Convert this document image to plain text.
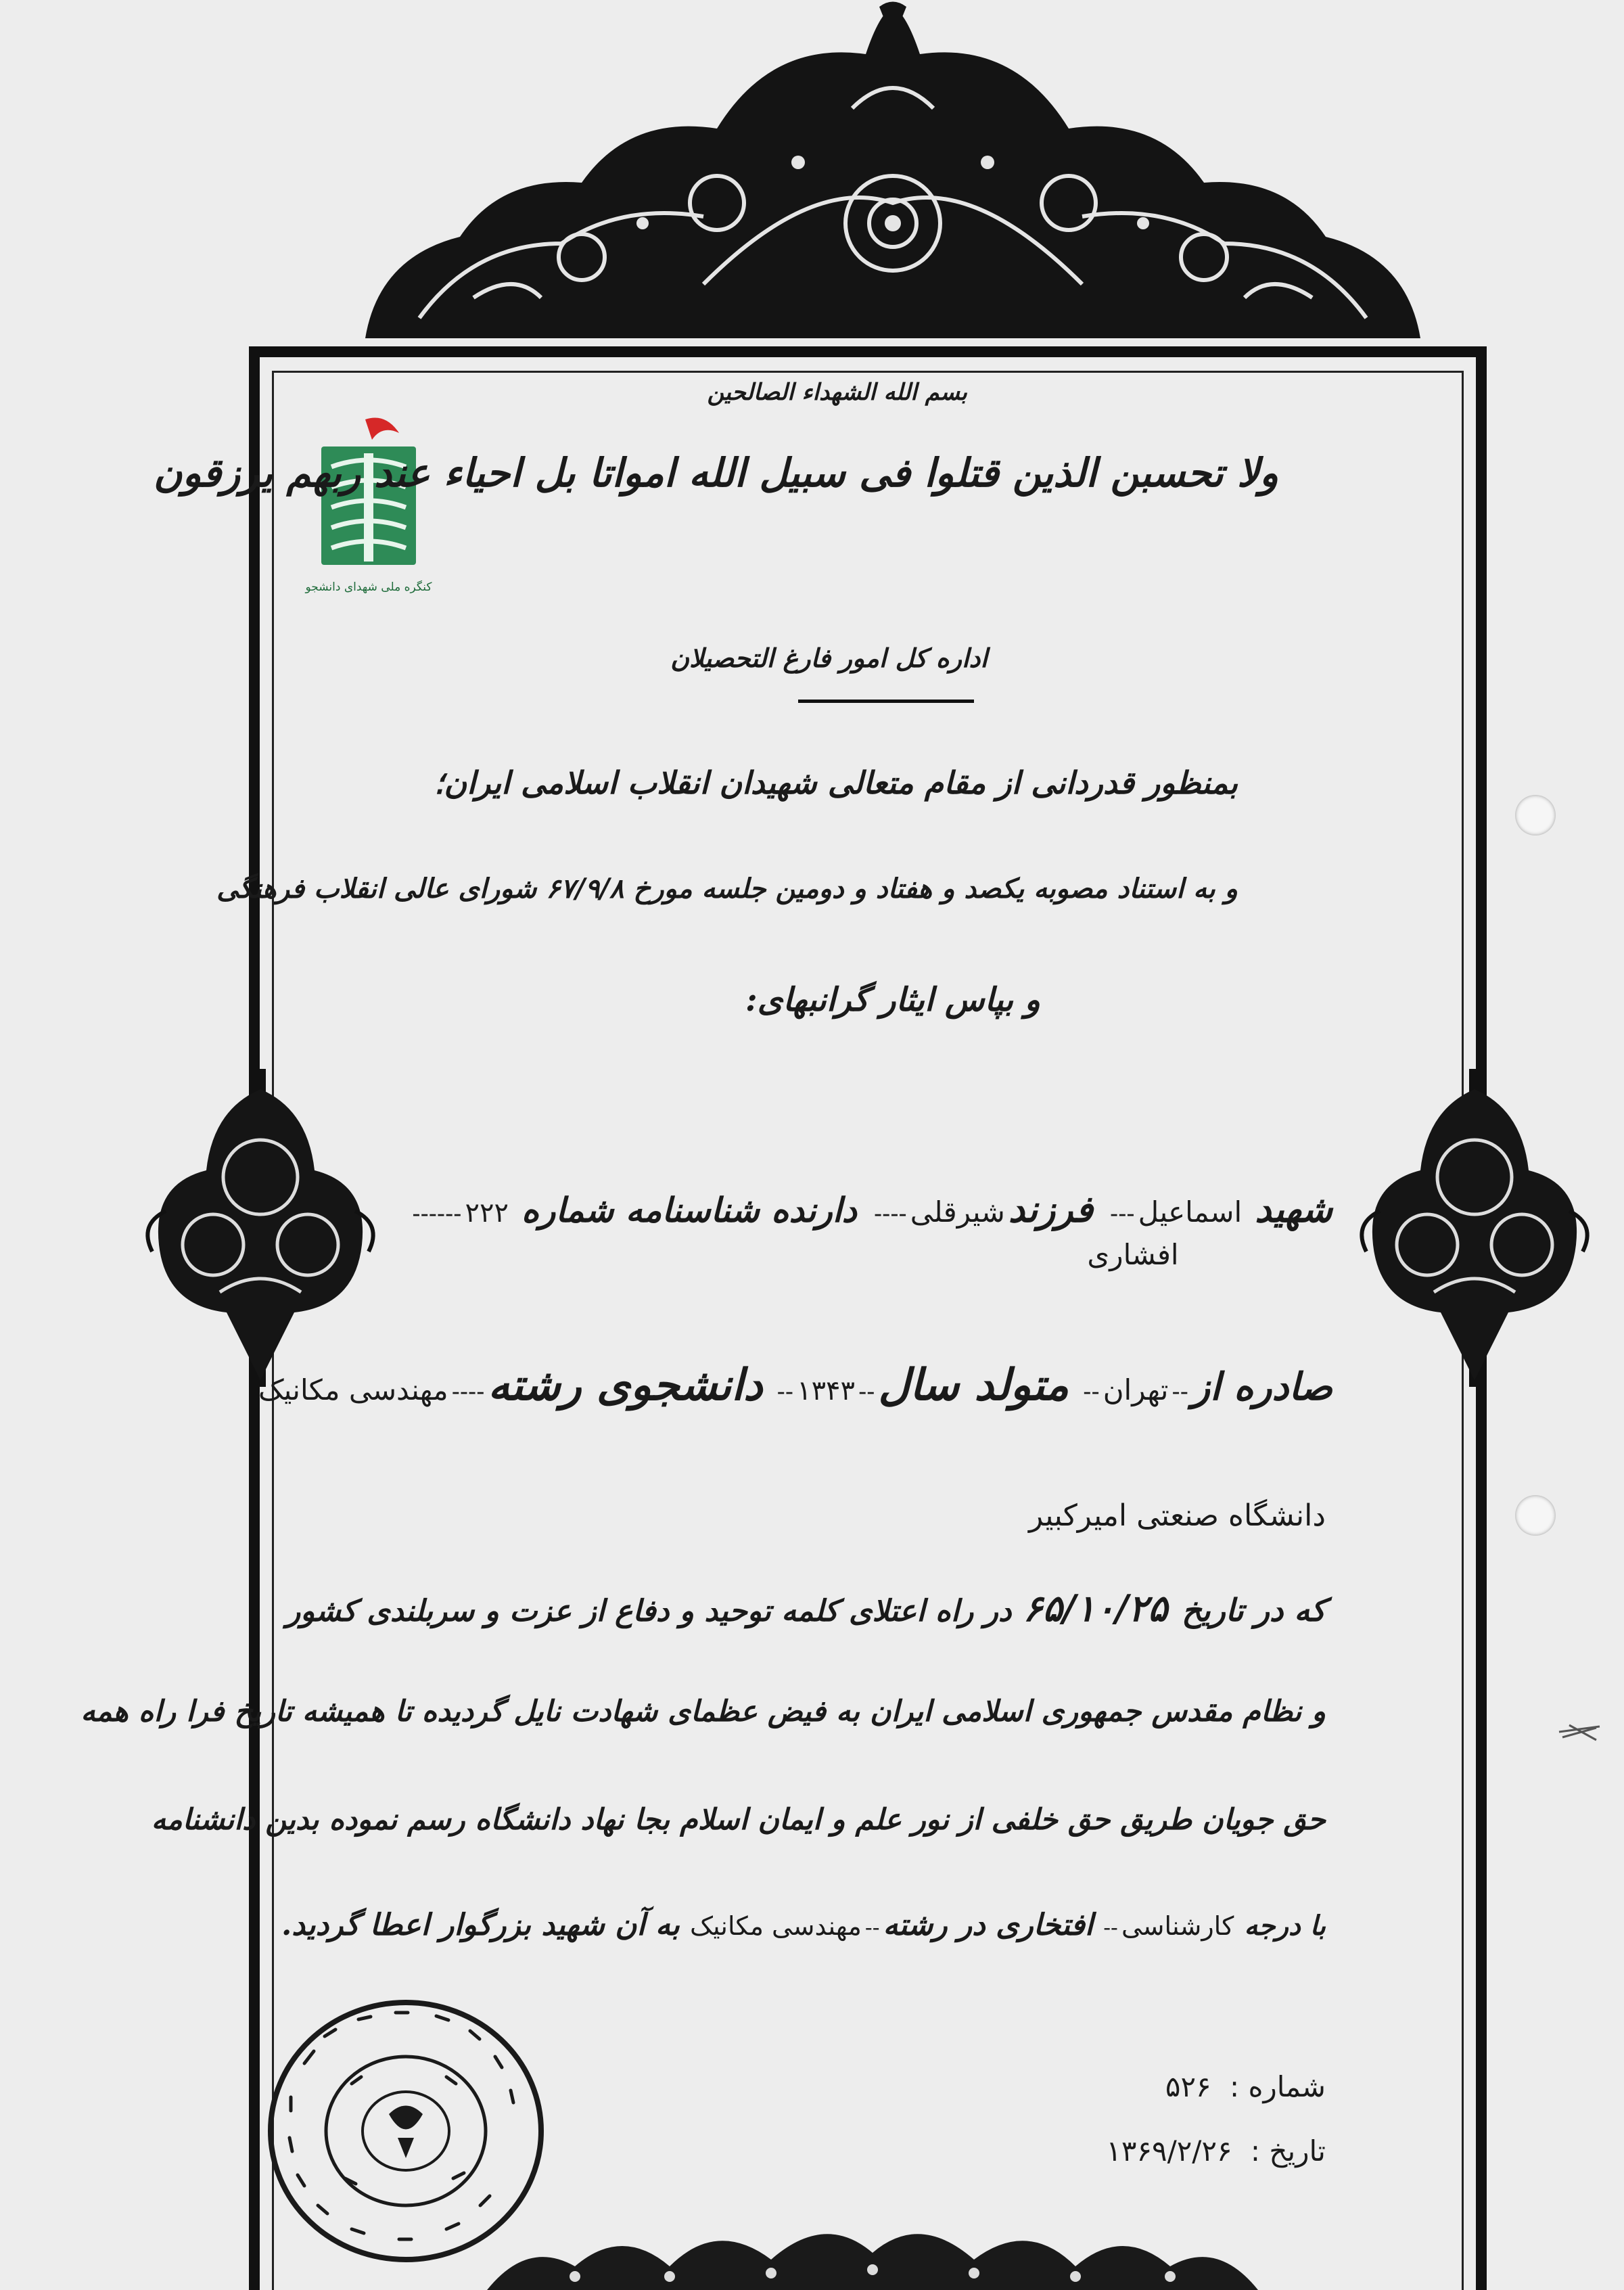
کنگره ملی شهدای دانشجو
بسم الله الشهداء الصالحین
ولا تحسبن الذین قتلوا فی سبیل الله امواتا بل احیاء عند ربهم یرزقون
اداره کل امور فارغ التحصیلان
بمنظور قدردانی از مقام متعالی شهیدان انقلاب اسلامی ایران؛
و به استناد مصوبه یکصد و هفتاد و دومین جلسه مورخ ۶۷/۹/۸ شورای عالی انقلاب فرهنگی
و بپاس ایثار گرانبهای:
شهید اسماعیل --- فرزند شیرقلی ---- دارنده شناسنامه شماره ۲۲۲ ------
افشاری
صادره از -- تهران -- متولد سال -- ۱۳۴۳ -- دانشجوی رشته ---- مهندسی مکانیک
دانشگاه صنعتی امیرکبیر
که در تاریخ ۶۵/۱۰/۲۵ در راه اعتلای کلمه توحید و دفاع از عزت و سربلندی کشور
و نظام مقدس جمهوری اسلامی ایران به فیض عظمای شهادت نایل گردیده تا همیشه تاریخ فرا راه همه
حق جویان طریق حق خلفی از نور علم و ایمان اسلام بجا نهاد دانشگاه رسم نموده بدین دانشنامه
با درجه کارشناسی -- افتخاری در رشته -- مهندسی مکانیک به آن شهید بزرگوار اعطا گردید.
شماره : ۵۲۶
تاریخ : ۱۳۶۹/۲/۲۶
